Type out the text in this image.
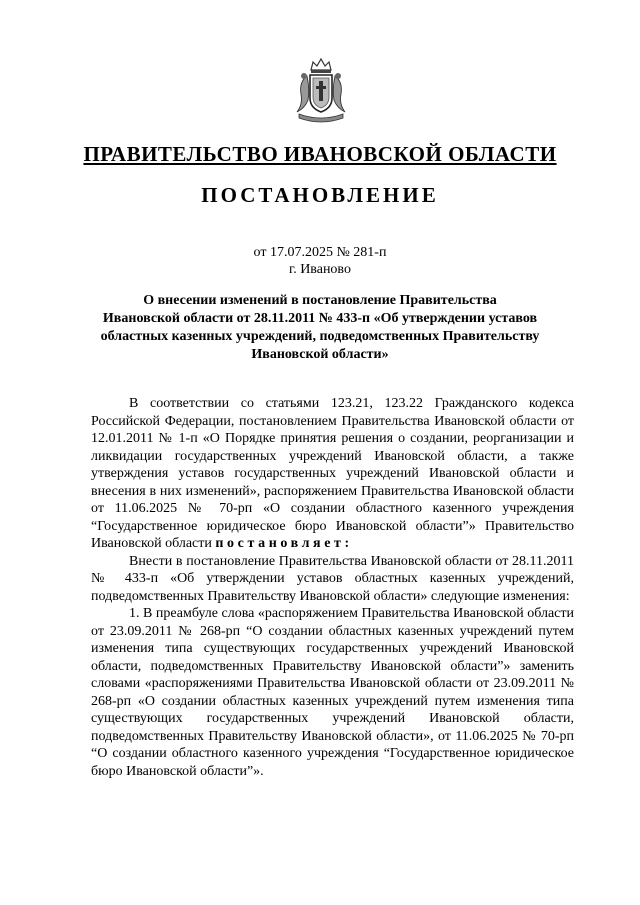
ПРАВИТЕЛЬСТВО ИВАНОВСКОЙ ОБЛАСТИ
ПОСТАНОВЛЕНИЕ
от 17.07.2025 № 281-п
г. Иваново
О внесении изменений в постановление Правительства
Ивановской области от 28.11.2011 № 433-п «Об утверждении уставов
областных казенных учреждений, подведомственных Правительству
Ивановской области»

В соответствии со статьями 123.21, 123.22 Гражданского кодекса Российской Федерации, постановлением Правительства Ивановской области от 12.01.2011 № 1-п «О Порядке принятия решения о создании, реорганизации и ликвидации государственных учреждений Ивановской области, а также утверждения уставов государственных учреждений Ивановской области и внесения в них изменений», распоряжением Правительства Ивановской области от 11.06.2025 № 70-рп «О создании областного казенного учреждения “Государственное юридическое бюро Ивановской области”» Правительство Ивановской области постановляет:

Внести в постановление Правительства Ивановской области от 28.11.2011 № 433-п «Об утверждении уставов областных казенных учреждений, подведомственных Правительству Ивановской области» следующие изменения:

1. В преамбуле слова «распоряжением Правительства Ивановской области от 23.09.2011 № 268-рп “О создании областных казенных учреждений путем изменения типа существующих государственных учреждений Ивановской области, подведомственных Правительству Ивановской области”» заменить словами «распоряжениями Правительства Ивановской области от 23.09.2011 № 268-рп «О создании областных казенных учреждений путем изменения типа существующих государственных учреждений Ивановской области, подведомственных Правительству Ивановской области», от 11.06.2025 № 70-рп “О создании областного казенного учреждения “Государственное юридическое бюро Ивановской области”».
